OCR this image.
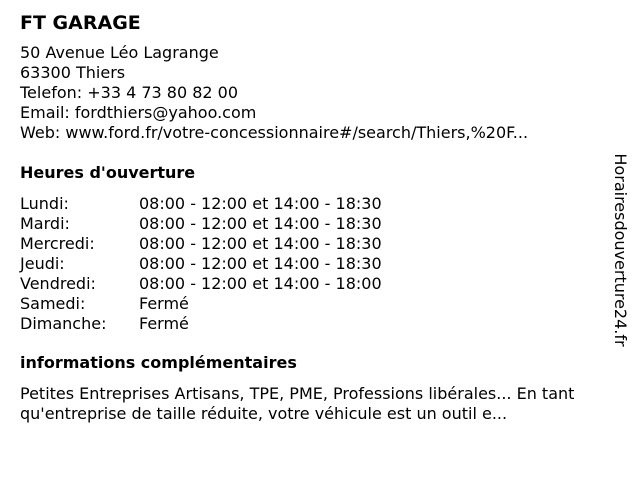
FT GARAGE
50 Avenue Léo Lagrange
63300 Thiers
Telefon: +33 4 73 80 82 00
Email: fordthiers@yahoo.com
Web: www.ford.fr/votre-concessionnaire#/search/Thiers,%20F...
Heures d'ouverture
Lundi:	08:00 - 12:00 et 14:00 - 18:30
Mardi:	08:00 - 12:00 et 14:00 - 18:30
Mercredi:	08:00 - 12:00 et 14:00 - 18:30
Jeudi:	08:00 - 12:00 et 14:00 - 18:30
Vendredi:	08:00 - 12:00 et 14:00 - 18:00
Samedi:	Fermé
Dimanche: Fermé
informations complémentaires
Petites Entreprises Artisans, TPE, PME, Professions libérales... En tant qu'entreprise de taille réduite, votre véhicule est un outil e...
Horairesdouverture24.fr
